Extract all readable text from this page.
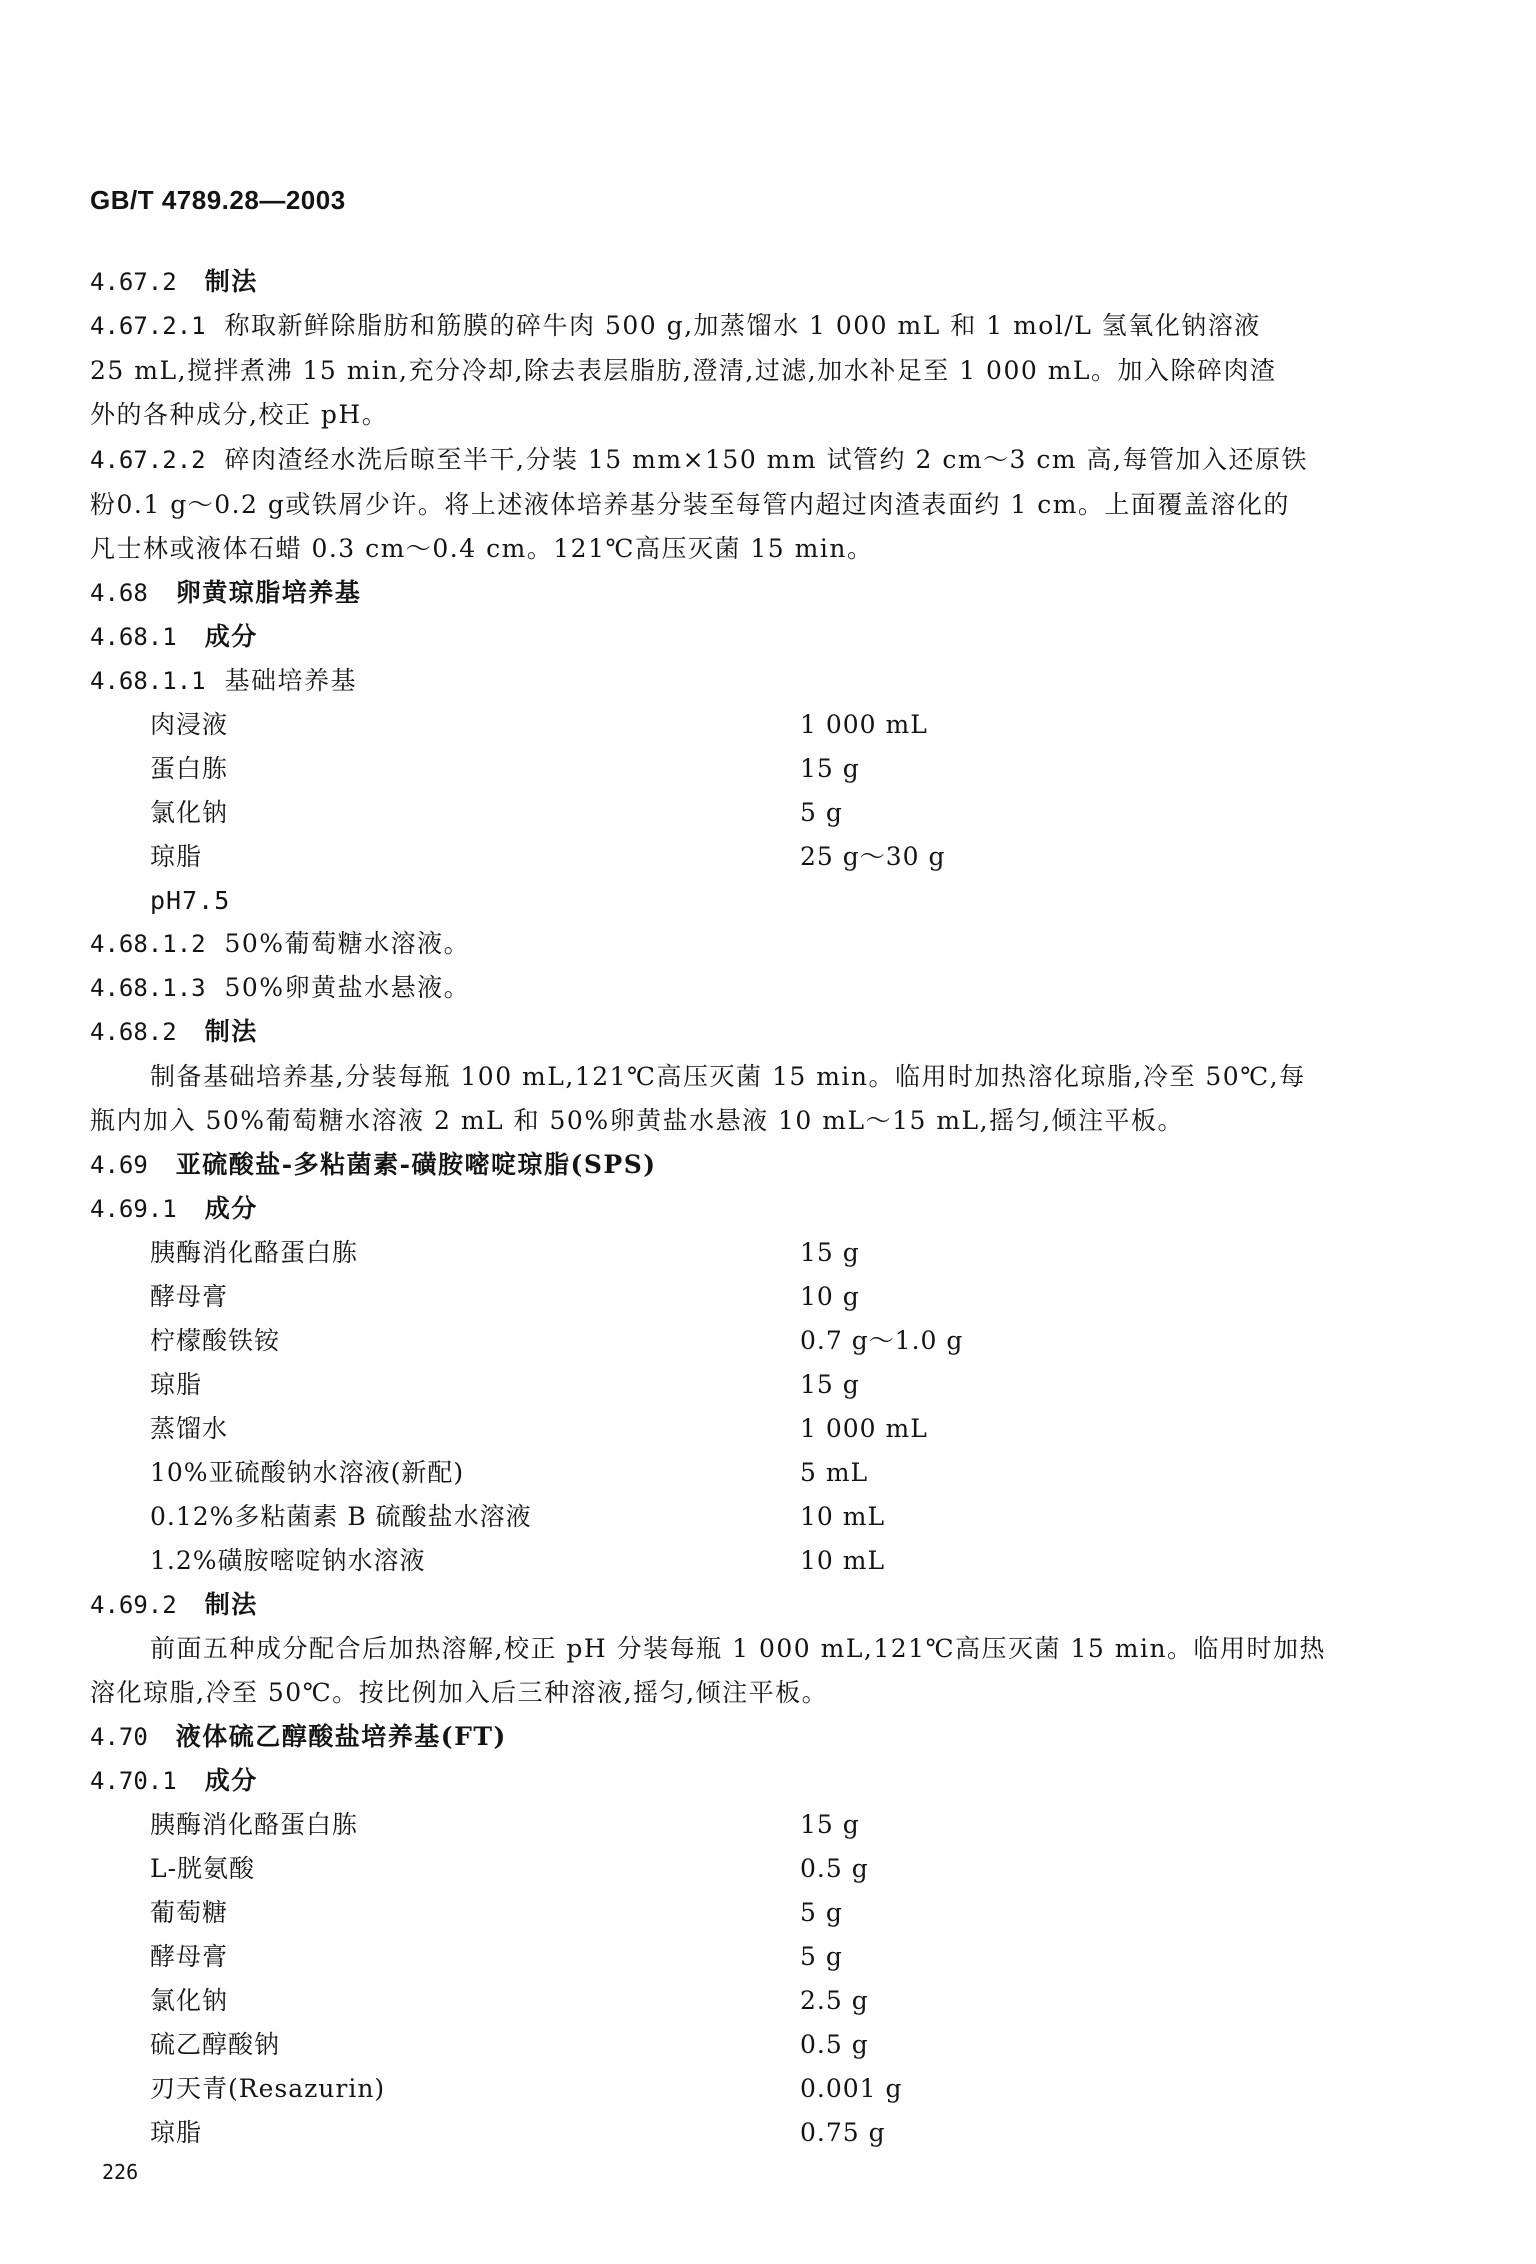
GB/T 4789.28—2003
4.67.2 制法
4.67.2.1 称取新鲜除脂肪和筋膜的碎牛肉 500 g,加蒸馏水 1 000 mL 和 1 mol/L 氢氧化钠溶液
25 mL,搅拌煮沸 15 min,充分冷却,除去表层脂肪,澄清,过滤,加水补足至 1 000 mL。加入除碎肉渣
外的各种成分,校正 pH。
4.67.2.2 碎肉渣经水洗后晾至半干,分装 15 mm×150 mm 试管约 2 cm～3 cm 高,每管加入还原铁
粉0.1 g～0.2 g或铁屑少许。将上述液体培养基分装至每管内超过肉渣表面约 1 cm。上面覆盖溶化的
凡士林或液体石蜡 0.3 cm～0.4 cm。121℃高压灭菌 15 min。
4.68 卵黄琼脂培养基
4.68.1 成分
4.68.1.1 基础培养基
肉浸液	1 000 mL
蛋白胨	15 g
氯化钠	5 g
琼脂	25 g～30 g
pH7.5
4.68.1.2 50%葡萄糖水溶液。
4.68.1.3 50%卵黄盐水悬液。
4.68.2 制法
制备基础培养基,分装每瓶 100 mL,121℃高压灭菌 15 min。临用时加热溶化琼脂,冷至 50℃,每
瓶内加入 50%葡萄糖水溶液 2 mL 和 50%卵黄盐水悬液 10 mL～15 mL,摇匀,倾注平板。
4.69 亚硫酸盐-多粘菌素-磺胺嘧啶琼脂(SPS)
4.69.1 成分
胰酶消化酪蛋白胨	15 g
酵母膏	10 g
柠檬酸铁铵	0.7 g～1.0 g
琼脂	15 g
蒸馏水	1 000 mL
10%亚硫酸钠水溶液(新配)	5 mL
0.12%多粘菌素 B 硫酸盐水溶液	10 mL
1.2%磺胺嘧啶钠水溶液	10 mL
4.69.2 制法
前面五种成分配合后加热溶解,校正 pH 分装每瓶 1 000 mL,121℃高压灭菌 15 min。临用时加热
溶化琼脂,冷至 50℃。按比例加入后三种溶液,摇匀,倾注平板。
4.70 液体硫乙醇酸盐培养基(FT)
4.70.1 成分
胰酶消化酪蛋白胨	15 g
L-胱氨酸	0.5 g
葡萄糖	5 g
酵母膏	5 g
氯化钠	2.5 g
硫乙醇酸钠	0.5 g
刃天青(Resazurin)	0.001 g
琼脂	0.75 g
226
